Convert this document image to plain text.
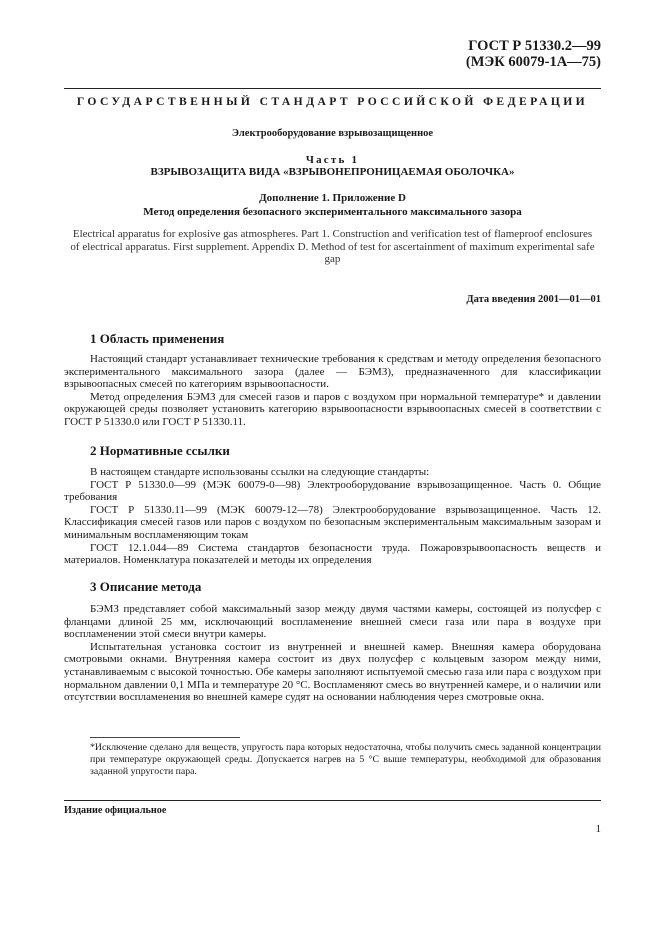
ГОСТ Р 51330.2—99
(МЭК 60079-1А—75)
ГОСУДАРСТВЕННЫЙ СТАНДАРТ РОССИЙСКОЙ ФЕДЕРАЦИИ
Электрооборудование взрывозащищенное
Часть 1
ВЗРЫВОЗАЩИТА ВИДА «ВЗРЫВОНЕПРОНИЦАЕМАЯ ОБОЛОЧКА»
Дополнение 1. Приложение D
Метод определения безопасного экспериментального максимального зазора
Electrical apparatus for explosive gas atmospheres. Part 1. Construction and verification test of flameproof enclosures of electrical apparatus. First supplement. Appendix D. Method of test for ascertainment of maximum experimental safe gap
Дата введения 2001—01—01
1 Область применения

Настоящий стандарт устанавливает технические требования к средствам и методу определения безопасного экспериментального максимального зазора (далее — БЭМЗ), предназначенного для классификации взрывоопасных смесей по категориям взрывоопасности.

Метод определения БЭМЗ для смесей газов и паров с воздухом при нормальной температуре* и давлении окружающей среды позволяет установить категорию взрывоопасности взрывоопасных смесей в соответствии с ГОСТ Р 51330.0 или ГОСТ Р 51330.11.

2 Нормативные ссылки

В настоящем стандарте использованы ссылки на следующие стандарты:

ГОСТ Р 51330.0—99 (МЭК 60079-0—98) Электрооборудование взрывозащищенное. Часть 0. Общие требования

ГОСТ Р 51330.11—99 (МЭК 60079-12—78) Электрооборудование взрывозащищенное. Часть 12. Классификация смесей газов или паров с воздухом по безопасным экспериментальным максимальным зазорам и минимальным воспламеняющим токам

ГОСТ 12.1.044—89 Система стандартов безопасности труда. Пожаровзрывоопасность веществ и материалов. Номенклатура показателей и методы их определения

3 Описание метода

БЭМЗ представляет собой максимальный зазор между двумя частями камеры, состоящей из полусфер с фланцами длиной 25 мм, исключающий воспламенение внешней смеси газа или пара в воздухе при воспламенении этой смеси внутри камеры.

Испытательная установка состоит из внутренней и внешней камер. Внешняя камера оборудована смотровыми окнами. Внутренняя камера состоит из двух полусфер с кольцевым зазором между ними, устанавливаемым с высокой точностью. Обе камеры заполняют испытуемой смесью газа или пара с воздухом при нормальном давлении 0,1 МПа и температуре 20 °С. Воспламеняют смесь во внутренней камере, и о наличии или отсутствии воспламенения во внешней камере судят на основании наблюдения через смотровые окна.

*Исключение сделано для веществ, упругость пара которых недостаточна, чтобы получить смесь заданной концентрации при температуре окружающей среды. Допускается нагрев на 5 °С выше температуры, необходимой для образования заданной упругости пара.
Издание официальное
1
